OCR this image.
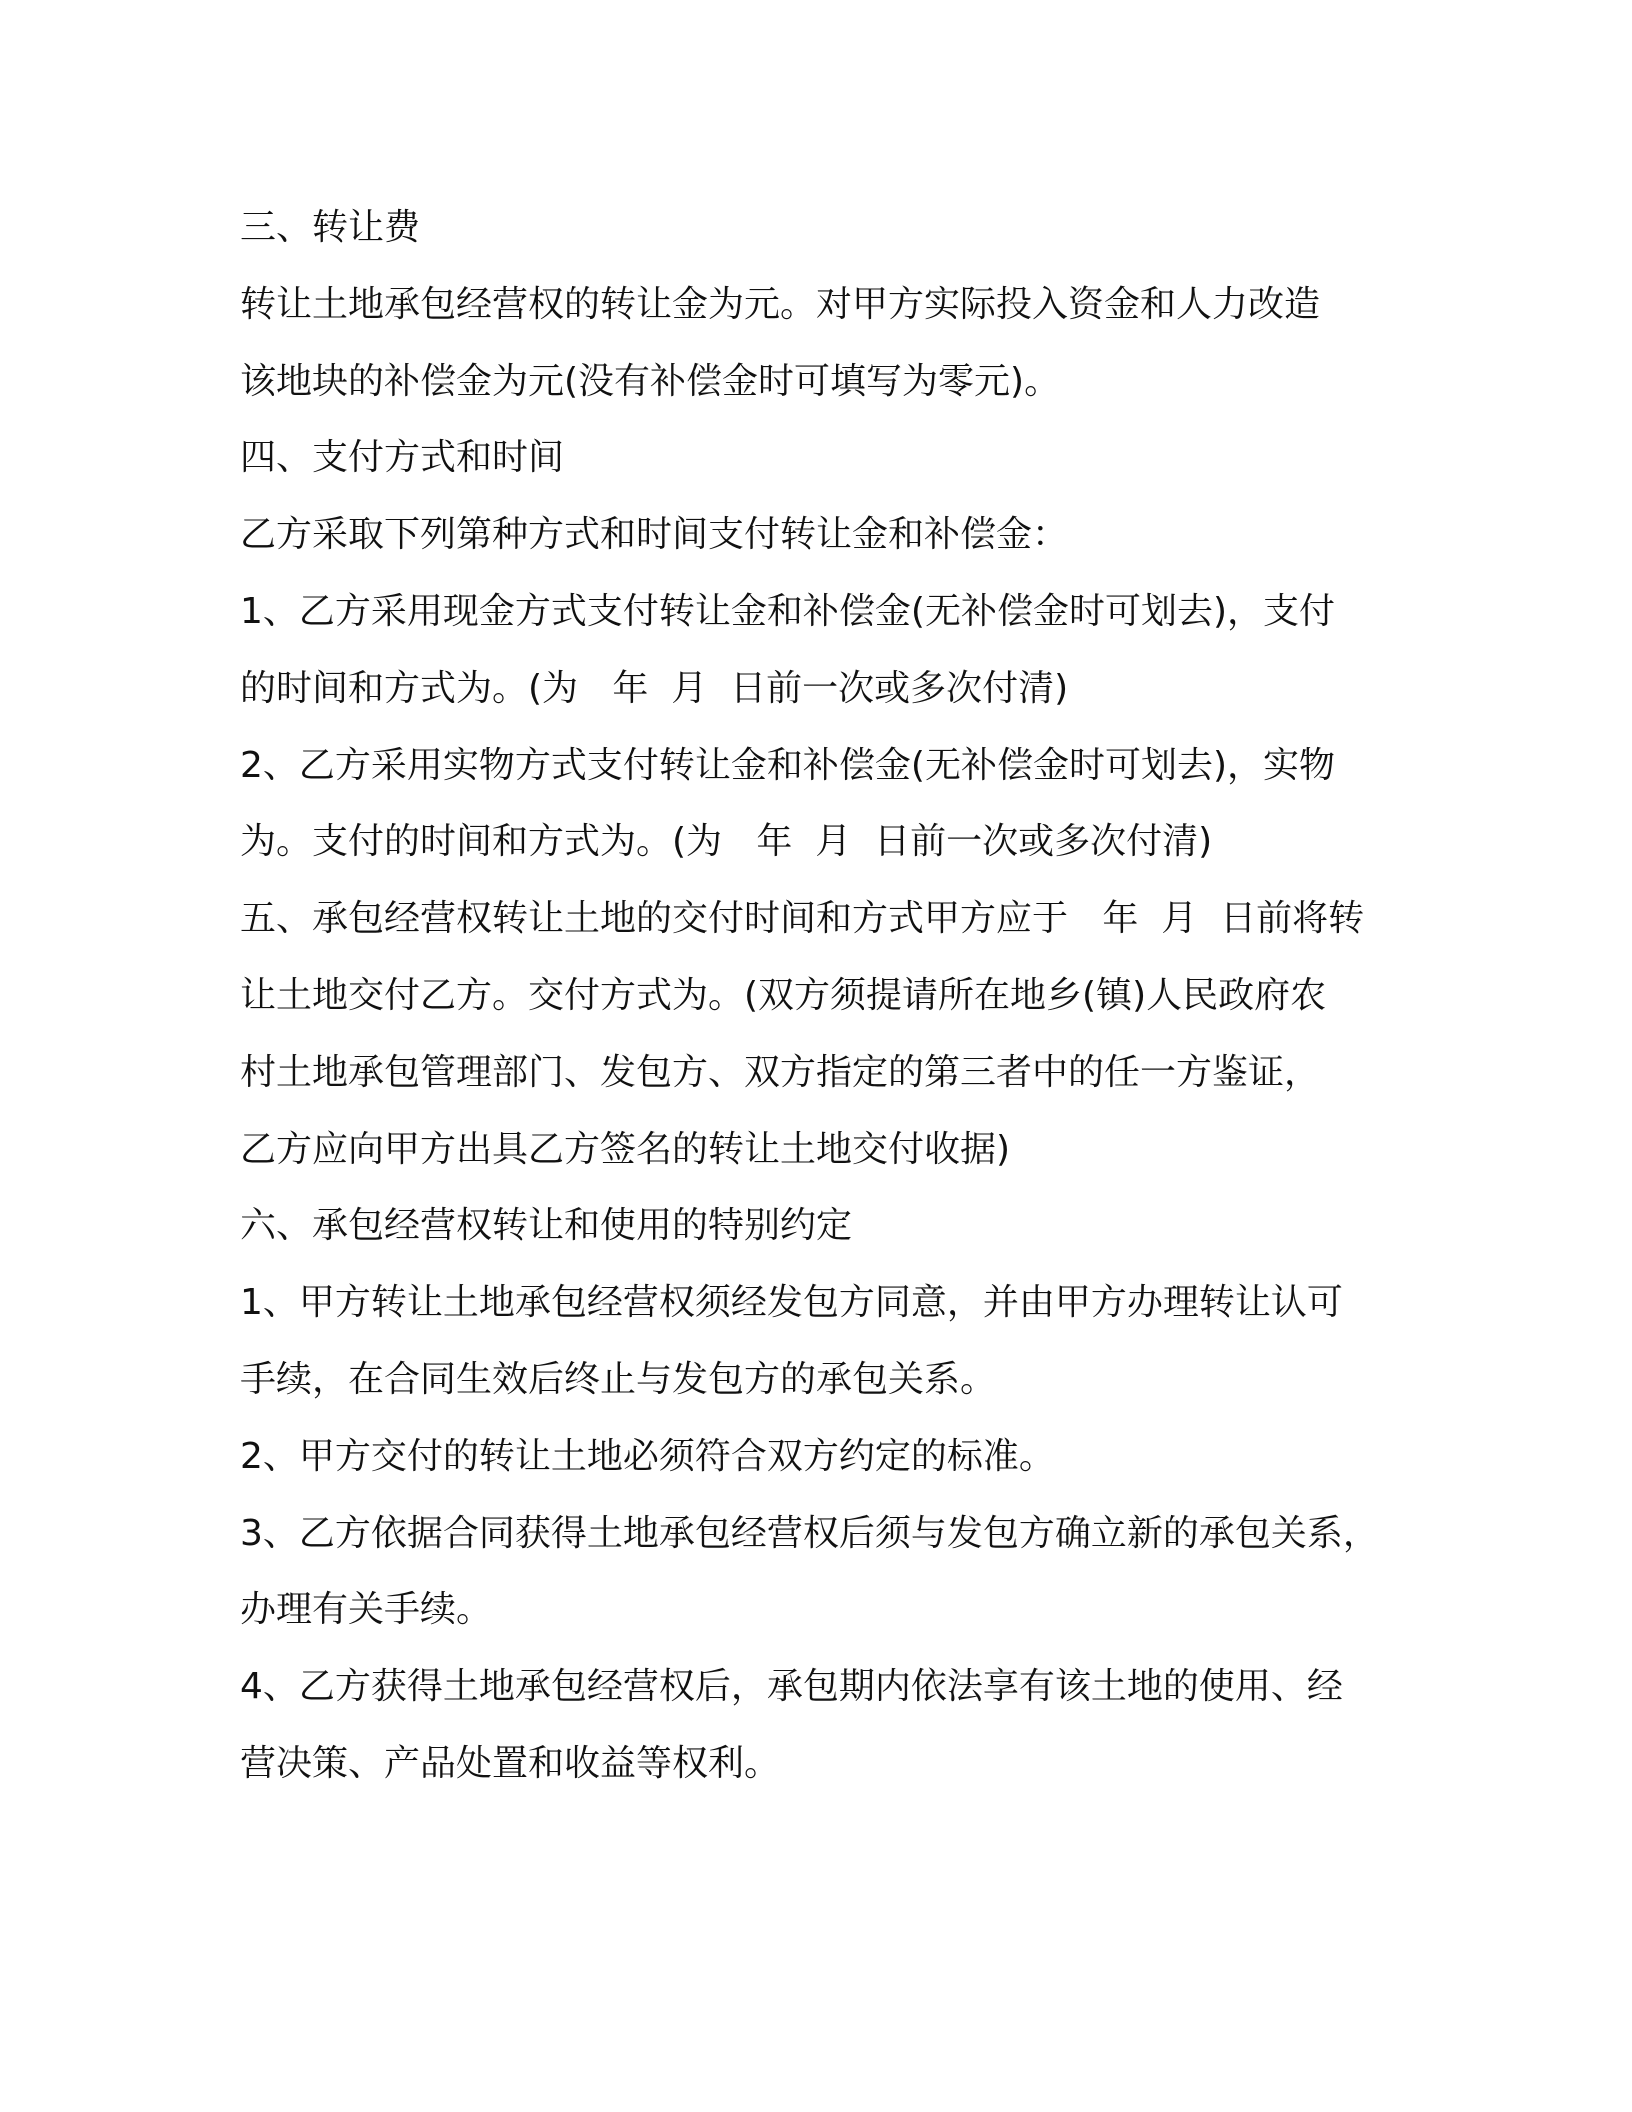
三、转让费
转让土地承包经营权的转让金为元。对甲方实际投入资金和人力改造
该地块的补偿金为元(没有补偿金时可填写为零元)。
四、支付方式和时间
乙方采取下列第种方式和时间支付转让金和补偿金：
1、乙方采用现金方式支付转让金和补偿金(无补偿金时可划去)，支付
的时间和方式为。(为   年  月  日前一次或多次付清)
2、乙方采用实物方式支付转让金和补偿金(无补偿金时可划去)，实物
为。支付的时间和方式为。(为   年  月  日前一次或多次付清)
五、承包经营权转让土地的交付时间和方式甲方应于   年  月  日前将转
让土地交付乙方。交付方式为。(双方须提请所在地乡(镇)人民政府农
村土地承包管理部门、发包方、双方指定的第三者中的任一方鉴证，
乙方应向甲方出具乙方签名的转让土地交付收据)
六、承包经营权转让和使用的特别约定
1、甲方转让土地承包经营权须经发包方同意，并由甲方办理转让认可
手续，在合同生效后终止与发包方的承包关系。
2、甲方交付的转让土地必须符合双方约定的标准。
3、乙方依据合同获得土地承包经营权后须与发包方确立新的承包关系，
办理有关手续。
4、乙方获得土地承包经营权后，承包期内依法享有该土地的使用、经
营决策、产品处置和收益等权利。
